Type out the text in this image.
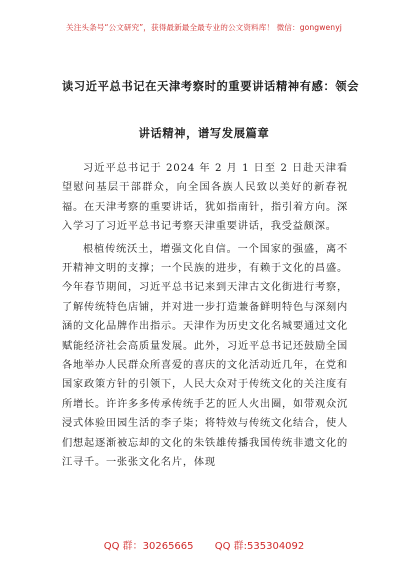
关注头条号“公文研究”，获得最新最全最专业的公文资料库！ 微信：gongwenyj
读习近平总书记在天津考察时的重要讲话精神有感：领会
讲话精神，谱写发展篇章

习近平总书记于 2024 年 2 月 1 日至 2 日赴天津看望慰问基层干部群众，向全国各族人民致以美好的新春祝福。在天津考察的重要讲话，犹如指南针，指引着方向。深入学习了习近平总书记考察天津重要讲话，我受益颇深。

根植传统沃土，增强文化自信。一个国家的强盛，离不开精神文明的支撑；一个民族的进步，有赖于文化的昌盛。今年春节期间，习近平总书记来到天津古文化街进行考察，了解传统特色店铺，并对进一步打造兼备鲜明特色与深刻内涵的文化品牌作出指示。天津作为历史文化名城要通过文化赋能经济社会高质量发展。此外，习近平总书记还鼓励全国各地举办人民群众所喜爱的喜庆的文化活动近几年，在党和国家政策方针的引领下，人民大众对于传统文化的关注度有所增长。许许多多传承传统手艺的匠人火出圈，如带观众沉浸式体验田园生活的李子柒；将特效与传统文化结合，使人们想起逐渐被忘却的文化的朱铁雄传播我国传统非遗文化的江寻千。一张张文化名片，体现

QQ 群：30265665 QQ 群:535304092
